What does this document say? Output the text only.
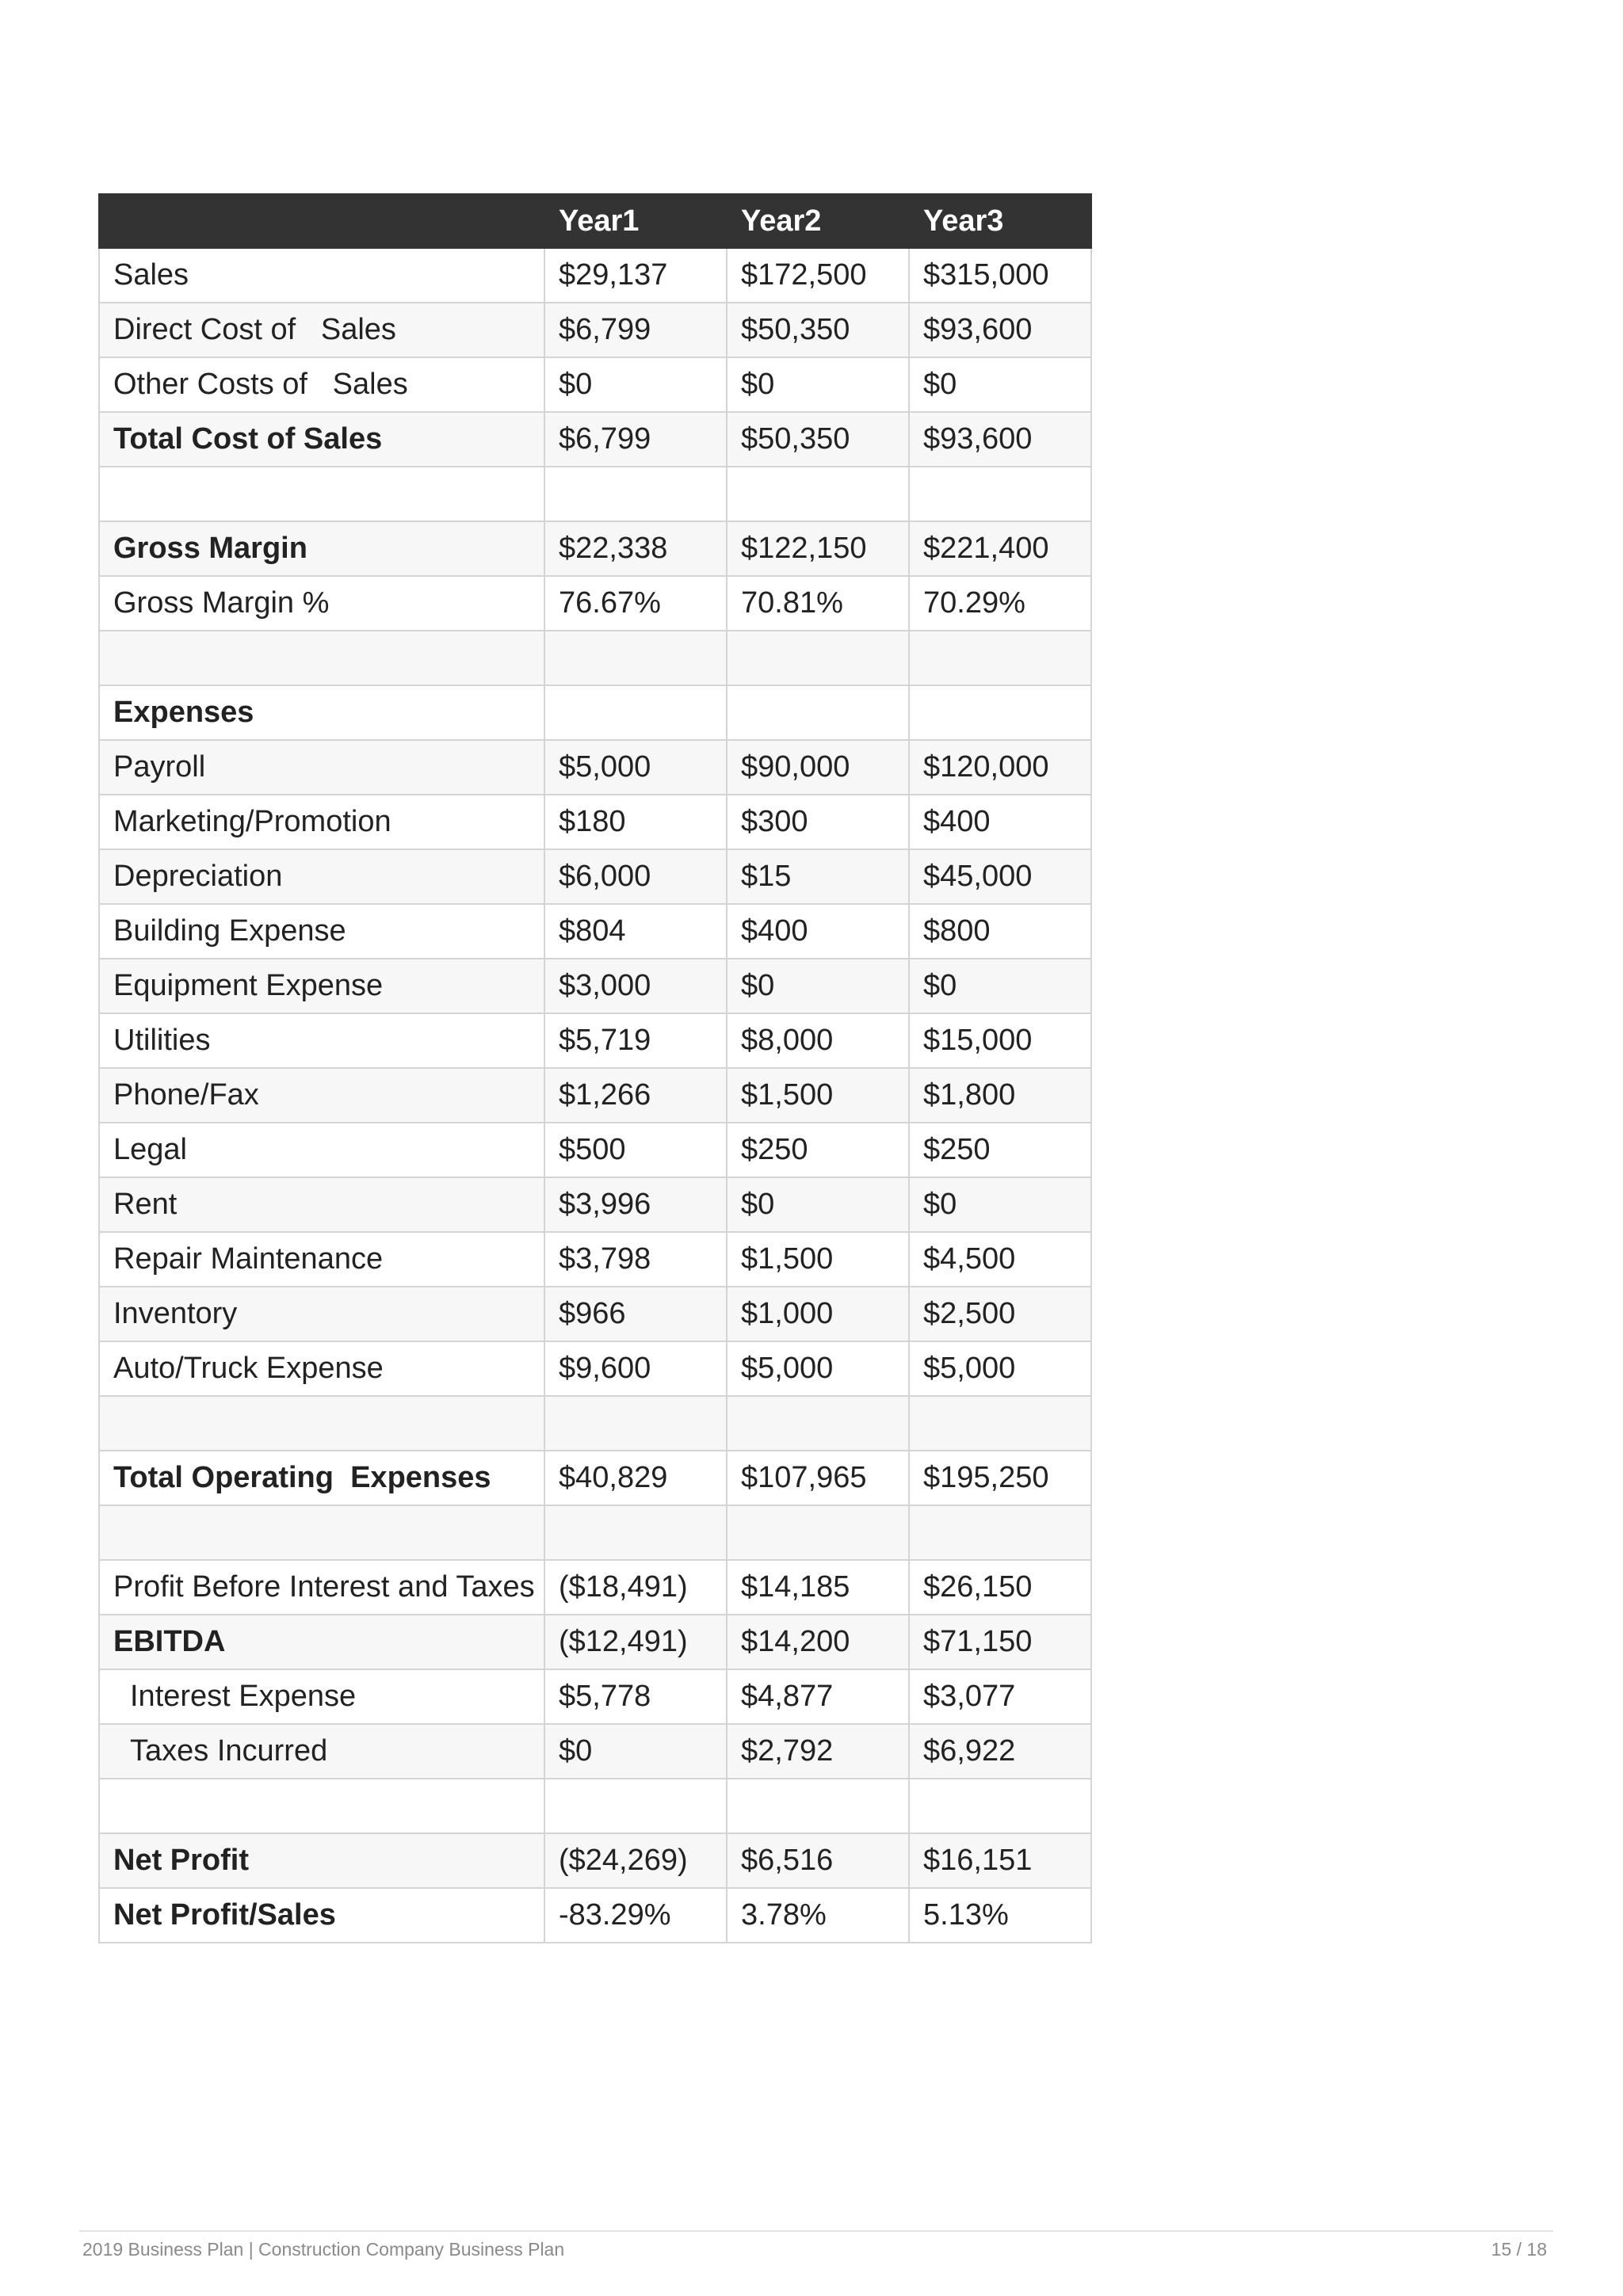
	Year1	Year2	Year3
Sales	$29,137	$172,500	$315,000
Direct Cost of   Sales	$6,799	$50,350	$93,600
Other Costs of   Sales	$0	$0	$0
Total Cost of Sales	$6,799	$50,350	$93,600

Gross Margin	$22,338	$122,150	$221,400
Gross Margin %	76.67%	70.81%	70.29%

Expenses			
Payroll	$5,000	$90,000	$120,000
Marketing/Promotion	$180	$300	$400
Depreciation	$6,000	$15	$45,000
Building Expense	$804	$400	$800
Equipment Expense	$3,000	$0	$0
Utilities	$5,719	$8,000	$15,000
Phone/Fax	$1,266	$1,500	$1,800
Legal	$500	$250	$250
Rent	$3,996	$0	$0
Repair Maintenance	$3,798	$1,500	$4,500
Inventory	$966	$1,000	$2,500
Auto/Truck Expense	$9,600	$5,000	$5,000

Total Operating  Expenses	$40,829	$107,965	$195,250

Profit Before Interest and Taxes	($18,491)	$14,185	$26,150
EBITDA	($12,491)	$14,200	$71,150
Interest Expense	$5,778	$4,877	$3,077
Taxes Incurred	$0	$2,792	$6,922

Net Profit	($24,269)	$6,516	$16,151
Net Profit/Sales	-83.29%	3.78%	5.13%
2019 Business Plan | Construction Company Business Plan	15 / 18
